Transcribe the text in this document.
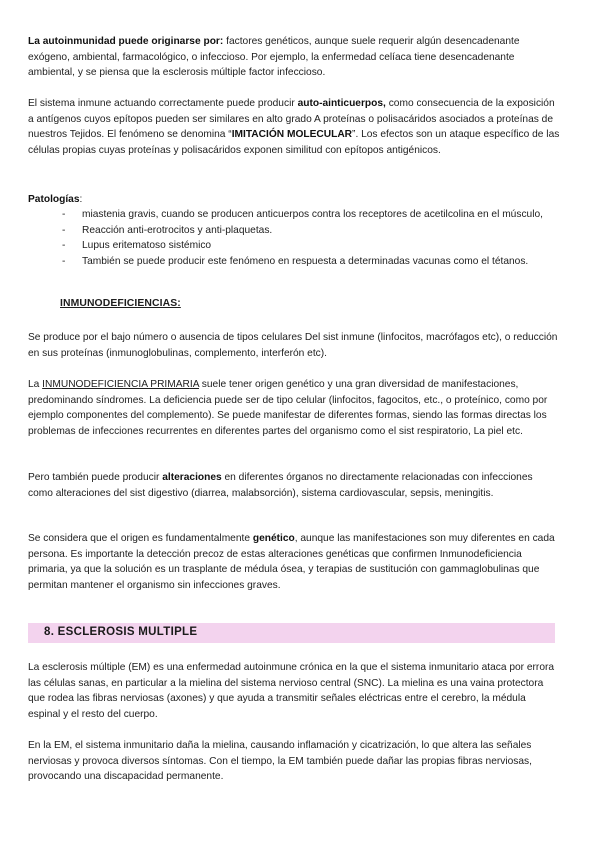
La autoinmunidad puede originarse por: factores genéticos, aunque suele requerir algún desencadenante exógeno, ambiental, farmacológico, o infeccioso. Por ejemplo, la enfermedad celíaca tiene desencadenante ambiental, y se piensa que la esclerosis múltiple factor infeccioso.

El sistema inmune actuando correctamente puede producir auto-ainticuerpos, como consecuencia de la exposición a antígenos cuyos epítopos pueden ser similares en alto grado A proteínas o polisacáridos asociados a proteínas de nuestros Tejidos. El fenómeno se denomina “IMITACIÓN MOLECULAR”. Los efectos son un ataque específico de las células propias cuyas proteínas y polisacáridos exponen similitud con epítopos antigénicos.

Patologías:
- miastenia gravis, cuando se producen anticuerpos contra los receptores de acetilcolina en el músculo,
- Reacción anti-erotrocitos y anti-plaquetas.
- Lupus eritematoso sistémico
- También se puede producir este fenómeno en respuesta a determinadas vacunas como el tétanos.
INMUNODEFICIENCIAS:

Se produce por el bajo número o ausencia de tipos celulares Del sist inmune (linfocitos, macrófagos etc), o reducción en sus proteínas (inmunoglobulinas, complemento, interferón etc).

La INMUNODEFICIENCIA PRIMARIA suele tener origen genético y una gran diversidad de manifestaciones, predominando síndromes. La deficiencia puede ser de tipo celular (linfocitos, fagocitos, etc., o proteínico, como por ejemplo componentes del complemento). Se puede manifestar de diferentes formas, siendo las formas directas los problemas de infecciones recurrentes en diferentes partes del organismo como el sist respiratorio, La piel etc.

Pero también puede producir alteraciones en diferentes órganos no directamente relacionadas con infecciones como alteraciones del sist digestivo (diarrea, malabsorción), sistema cardiovascular, sepsis, meningitis.

Se considera que el origen es fundamentalmente genético, aunque las manifestaciones son muy diferentes en cada persona. Es importante la detección precoz de estas alteraciones genéticas que confirmen Inmunodeficiencia primaria, ya que la solución es un trasplante de médula ósea, y terapias de sustitución con gammaglobulinas que permitan mantener el organismo sin infecciones graves.

8. ESCLEROSIS MULTIPLE

La esclerosis múltiple (EM) es una enfermedad autoinmune crónica en la que el sistema inmunitario ataca por errora las células sanas, en particular a la mielina del sistema nervioso central (SNC). La mielina es una vaina protectora que rodea las fibras nerviosas (axones) y que ayuda a transmitir señales eléctricas entre el cerebro, la médula espinal y el resto del cuerpo.

En la EM, el sistema inmunitario daña la mielina, causando inflamación y cicatrización, lo que altera las señales nerviosas y provoca diversos síntomas. Con el tiempo, la EM también puede dañar las propias fibras nerviosas, provocando una discapacidad permanente.
